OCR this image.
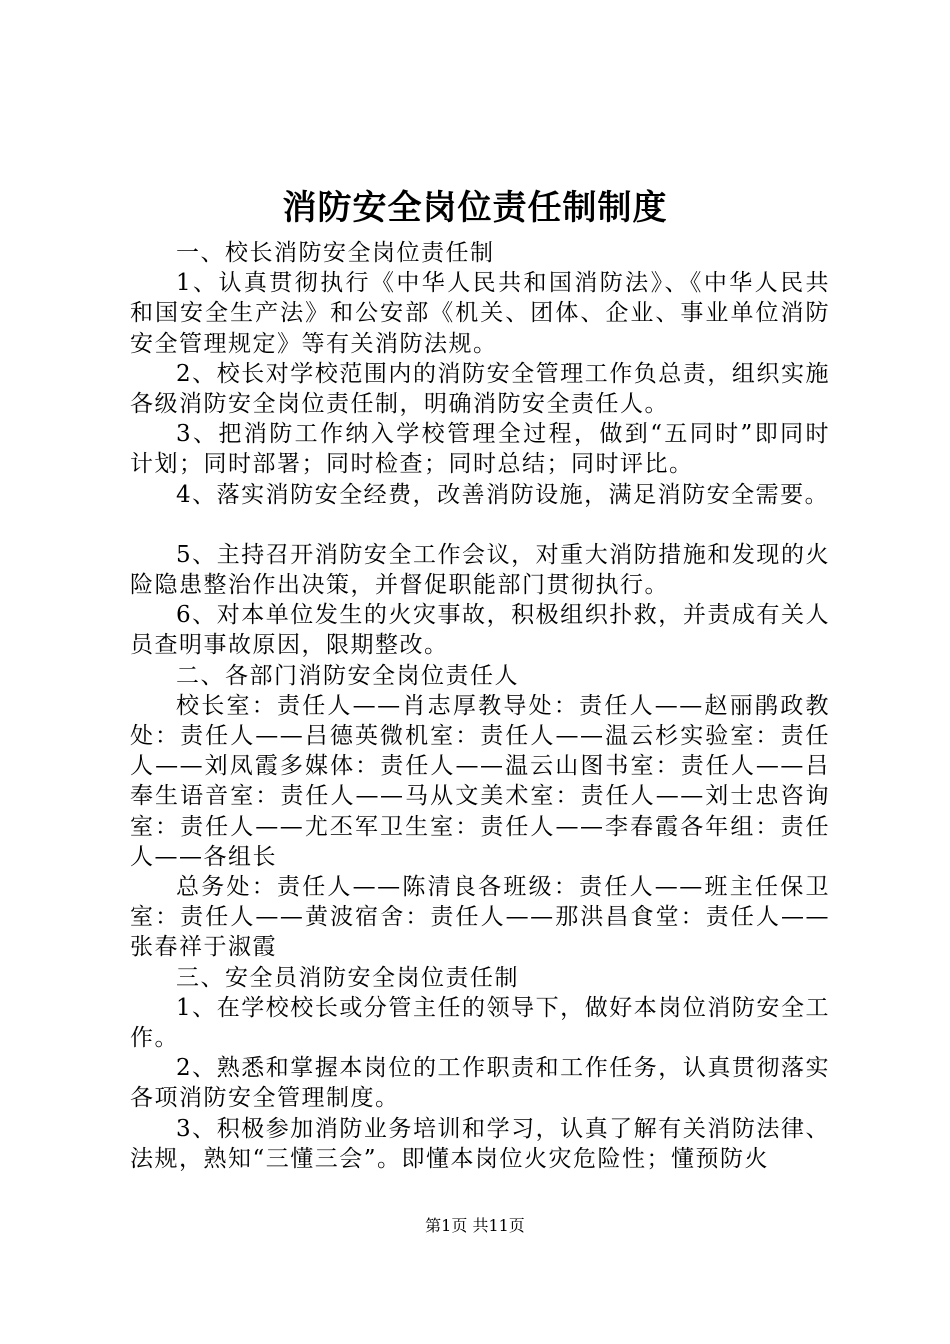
消防安全岗位责任制制度

一、校长消防安全岗位责任制

1、认真贯彻执行《中华人民共和国消防法》、《中华人民共和国安全生产法》和公安部《机关、团体、企业、事业单位消防安全管理规定》等有关消防法规。

2、校长对学校范围内的消防安全管理工作负总责，组织实施各级消防安全岗位责任制，明确消防安全责任人。

3、把消防工作纳入学校管理全过程，做到“五同时”即同时计划；同时部署；同时检查；同时总结；同时评比。

4、落实消防安全经费，改善消防设施，满足消防安全需要。

5、主持召开消防安全工作会议，对重大消防措施和发现的火险隐患整治作出决策，并督促职能部门贯彻执行。

6、对本单位发生的火灾事故，积极组织扑救，并责成有关人员查明事故原因，限期整改。

二、各部门消防安全岗位责任人

校长室：责任人——肖志厚教导处：责任人——赵丽鹃政教处：责任人——吕德英微机室：责任人——温云杉实验室：责任人——刘凤霞多媒体：责任人——温云山图书室：责任人——吕奉生语音室：责任人——马从文美术室：责任人——刘士忠咨询室：责任人——尤丕军卫生室：责任人——李春霞各年组：责任人——各组长

总务处：责任人——陈清良各班级：责任人——班主任保卫室：责任人——黄波宿舍：责任人——那洪昌食堂：责任人——张春祥于淑霞

三、安全员消防安全岗位责任制

1、在学校校长或分管主任的领导下，做好本岗位消防安全工作。

2、熟悉和掌握本岗位的工作职责和工作任务，认真贯彻落实各项消防安全管理制度。

3、积极参加消防业务培训和学习，认真了解有关消防法律、法规，熟知“三懂三会”。即懂本岗位火灾危险性；懂预防火

第1页 共11页
